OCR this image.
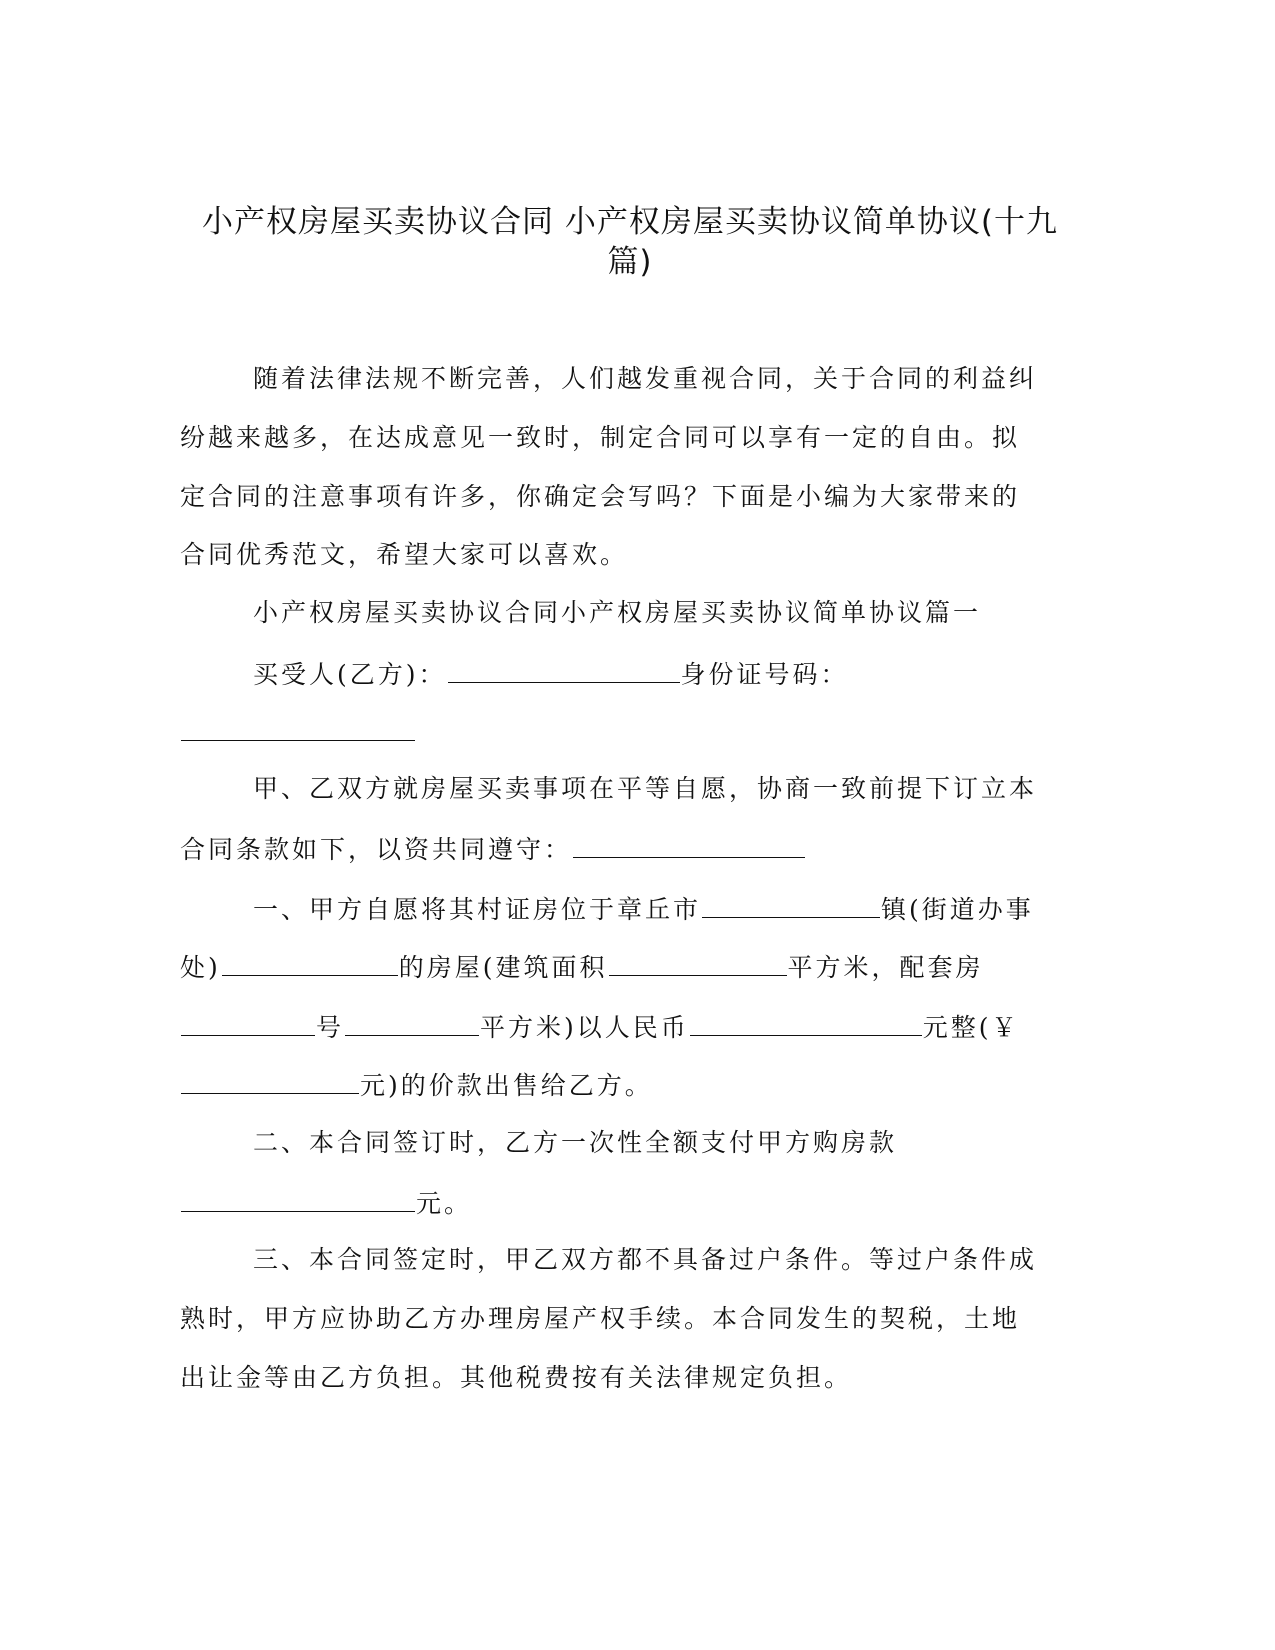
小产权房屋买卖协议合同 小产权房屋买卖协议简单协议(十九
篇)
随着法律法规不断完善，人们越发重视合同，关于合同的利益纠
纷越来越多，在达成意见一致时，制定合同可以享有一定的自由。拟
定合同的注意事项有许多，你确定会写吗？下面是小编为大家带来的
合同优秀范文，希望大家可以喜欢。
小产权房屋买卖协议合同小产权房屋买卖协议简单协议篇一
买受人(乙方)：	身份证号码：
甲、乙双方就房屋买卖事项在平等自愿，协商一致前提下订立本
合同条款如下，以资共同遵守：
一、甲方自愿将其村证房位于章丘市	镇(街道办事
处)	的房屋(建筑面积	平方米，配套房
号	平方米)以人民币	元整(￥
元)的价款出售给乙方。
二、本合同签订时，乙方一次性全额支付甲方购房款
元。
三、本合同签定时，甲乙双方都不具备过户条件。等过户条件成
熟时，甲方应协助乙方办理房屋产权手续。本合同发生的契税，土地
出让金等由乙方负担。其他税费按有关法律规定负担。
